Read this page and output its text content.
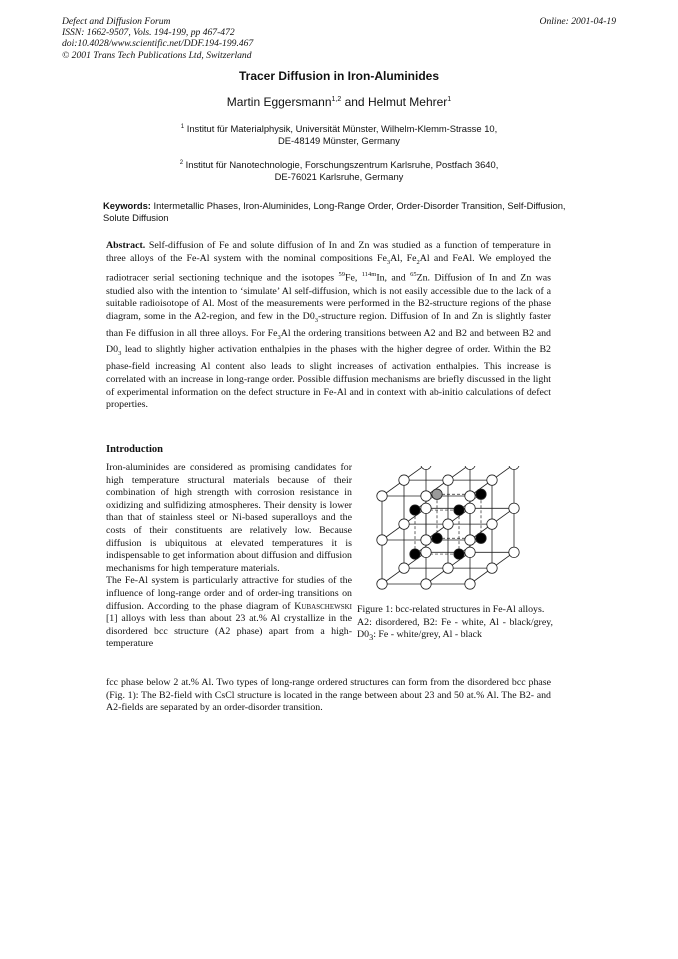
Defect and Diffusion Forum
ISSN: 1662-9507, Vols. 194-199, pp 467-472
doi:10.4028/www.scientific.net/DDF.194-199.467
© 2001 Trans Tech Publications Ltd, Switzerland
Online: 2001-04-19
Tracer Diffusion in Iron-Aluminides
Martin Eggersmann$^{1,2}$ and Helmut Mehrer$^1$
$^1$ Institut für Materialphysik, Universität Münster, Wilhelm-Klemm-Strasse 10,
DE-48149 Münster, Germany
$^2$ Institut für Nanotechnologie, Forschungszentrum Karlsruhe, Postfach 3640,
DE-76021 Karlsruhe, Germany
Keywords: Intermetallic Phases, Iron-Aluminides, Long-Range Order, Order-Disorder Transition, Self-Diffusion, Solute Diffusion
Abstract. Self-diffusion of Fe and solute diffusion of In and Zn was studied as a function of temperature in three alloys of the Fe-Al system with the nominal compositions $Fe_3Al$, $Fe_2Al$ and FeAl. We employed the radiotracer serial sectioning technique and the isotopes $^{59}$Fe, $^{114m}$In, and $^{65}$Zn. Diffusion of In and Zn was studied also with the intention to ‘simulate’ Al self-diffusion, which is not easily accessible due to the lack of a suitable radioisotope of Al. Most of the measurements were performed in the B2-structure regions of the phase diagram, some in the A2-region, and few in the $D0_3$-structure region. Diffusion of In and Zn is slightly faster than Fe diffusion in all three alloys. For $Fe_3Al$ the ordering transitions between A2 and B2 and between B2 and $D0_3$ lead to slightly higher activation enthalpies in the phases with the higher degree of order. Within the B2 phase-field increasing Al content also leads to slight increases of activation enthalpies. This increase is correlated with an increase in long-range order. Possible diffusion mechanisms are briefly discussed in the light of experimental information on the defect structure in Fe-Al and in context with ab-initio calculations of defect properties.
Introduction
Iron-aluminides are considered as promising candidates for high temperature structural materials because of their combination of high strength with corrosion resistance in oxidizing and sulfidizing atmospheres. Their density is lower than that of stainless steel or Ni-based superalloys and the costs of their constituents are relatively low. Because diffusion is ubiquitous at elevated temperatures it is indispensable to get information about diffusion and diffusion mechanisms for high temperature materials.
The Fe-Al system is particularly attractive for studies of the influence of long-range order and of order-ing transitions on diffusion. According to the phase diagram of Kubaschewski [1] alloys with less than about 23 at.% Al crystallize in the disordered bcc structure (A2 phase) apart from a high-temperature
fcc phase below 2 at.% Al. Two types of long-range ordered structures can form from the disordered bcc phase (Fig. 1): The B2-field with CsCl structure is located in the range between about 23 and 50 at.% Al. The B2- and A2-fields are separated by an order-disorder transition.
Figure 1: bcc-related structures in Fe-Al alloys.
A2: disordered, B2: Fe - white, Al - black/grey, $D0_3$: Fe - white/grey, Al - black
